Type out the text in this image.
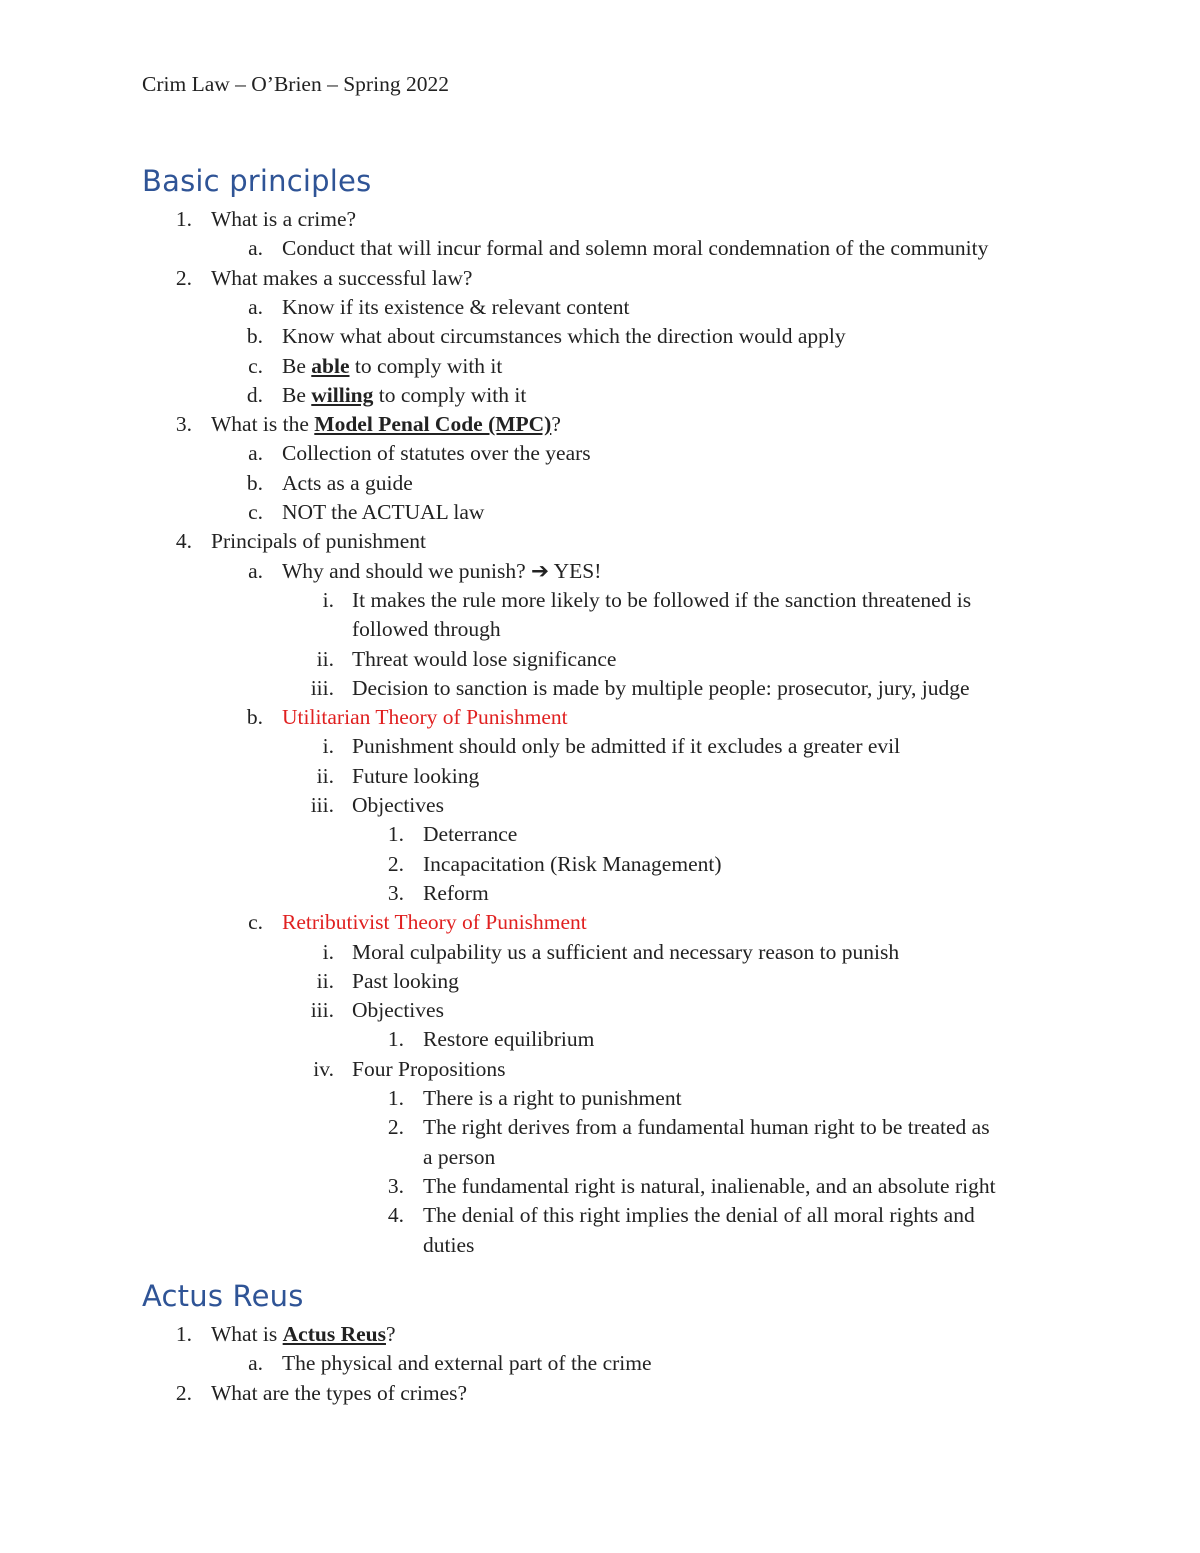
Crim Law – O’Brien – Spring 2022
Basic principles
1. What is a crime?
a. Conduct that will incur formal and solemn moral condemnation of the community
2. What makes a successful law?
a. Know if its existence & relevant content
b. Know what about circumstances which the direction would apply
c. Be able to comply with it
d. Be willing to comply with it
3. What is the Model Penal Code (MPC)?
a. Collection of statutes over the years
b. Acts as a guide
c. NOT the ACTUAL law
4. Principals of punishment
a. Why and should we punish? ➔ YES!
i. It makes the rule more likely to be followed if the sanction threatened is
followed through
ii. Threat would lose significance
iii. Decision to sanction is made by multiple people: prosecutor, jury, judge
b. Utilitarian Theory of Punishment
i. Punishment should only be admitted if it excludes a greater evil
ii. Future looking
iii. Objectives
1. Deterrance
2. Incapacitation (Risk Management)
3. Reform
c. Retributivist Theory of Punishment
i. Moral culpability us a sufficient and necessary reason to punish
ii. Past looking
iii. Objectives
1. Restore equilibrium
iv. Four Propositions
1. There is a right to punishment
2. The right derives from a fundamental human right to be treated as
a person
3. The fundamental right is natural, inalienable, and an absolute right
4. The denial of this right implies the denial of all moral rights and
duties
Actus Reus
1. What is Actus Reus?
a. The physical and external part of the crime
2. What are the types of crimes?
